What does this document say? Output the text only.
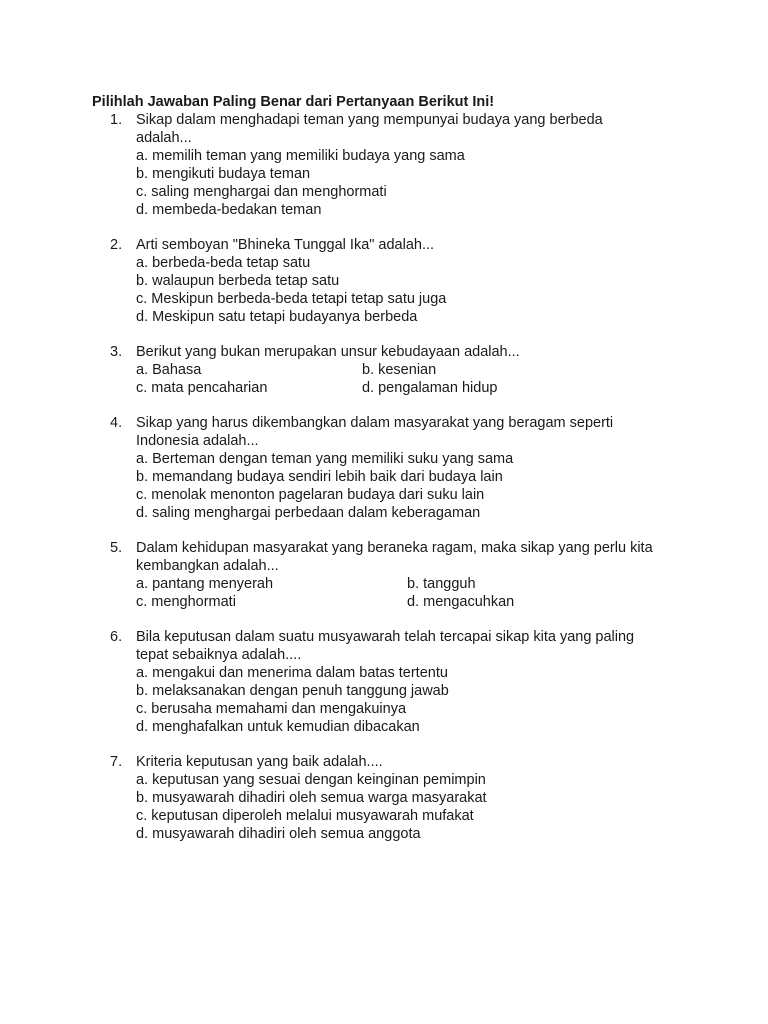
Pilihlah Jawaban Paling Benar dari Pertanyaan Berikut Ini!
1. Sikap dalam menghadapi teman yang mempunyai budaya yang berbeda
adalah...
a. memilih teman yang memiliki budaya yang sama
b. mengikuti budaya teman
c. saling menghargai dan menghormati
d. membeda-bedakan teman
2. Arti semboyan "Bhineka Tunggal Ika" adalah...
a. berbeda-beda tetap satu
b. walaupun berbeda tetap satu
c. Meskipun berbeda-beda tetapi tetap satu juga
d. Meskipun satu tetapi budayanya berbeda
3. Berikut yang bukan merupakan unsur kebudayaan adalah...
a. Bahasa	b. kesenian
c. mata pencaharian	d. pengalaman hidup
4. Sikap yang harus dikembangkan dalam masyarakat yang beragam seperti
Indonesia adalah...
a. Berteman dengan teman yang memiliki suku yang sama
b. memandang budaya sendiri lebih baik dari budaya lain
c. menolak menonton pagelaran budaya dari suku lain
d. saling menghargai perbedaan dalam keberagaman
5. Dalam kehidupan masyarakat yang beraneka ragam, maka sikap yang perlu kita
kembangkan adalah...
a. pantang menyerah	b. tangguh
c. menghormati	d. mengacuhkan
6. Bila keputusan dalam suatu musyawarah telah tercapai sikap kita yang paling
tepat sebaiknya adalah....
a. mengakui dan menerima dalam batas tertentu
b. melaksanakan dengan penuh tanggung jawab
c. berusaha memahami dan mengakuinya
d. menghafalkan untuk kemudian dibacakan
7. Kriteria keputusan yang baik adalah....
a. keputusan yang sesuai dengan keinginan pemimpin
b. musyawarah dihadiri oleh semua warga masyarakat
c. keputusan diperoleh melalui musyawarah mufakat
d. musyawarah dihadiri oleh semua anggota
